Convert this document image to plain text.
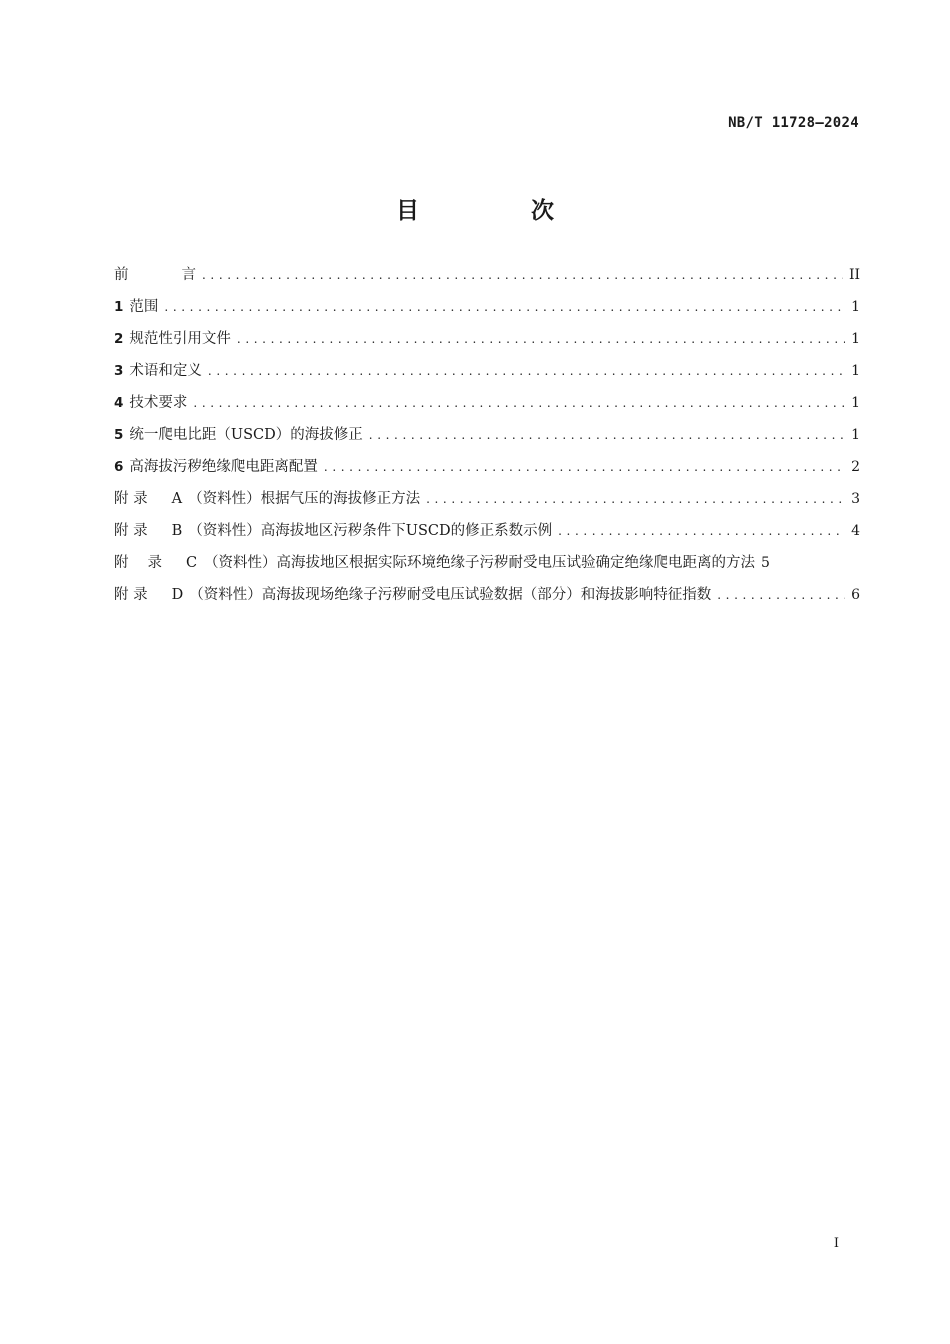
NB/T 11728—2024
目 次
前 言 .....	II
1 范围 .....	1
2 规范性引用文件 .....	1
3 术语和定义 .....	1
4 技术要求 .....	1
5 统一爬电比距（USCD）的海拔修正 .....	1
6 高海拔污秽绝缘爬电距离配置 .....	2
附 录 A （资料性）根据气压的海拔修正方法 .....	3
附 录 B （资料性）高海拔地区污秽条件下USCD的修正系数示例 .....	4
附 录 C （资料性）高海拔地区根据实际环境绝缘子污秽耐受电压试验确定绝缘爬电距离的方法 5
附 录 D （资料性）高海拔现场绝缘子污秽耐受电压试验数据（部分）和海拔影响特征指数 .....	6
I
